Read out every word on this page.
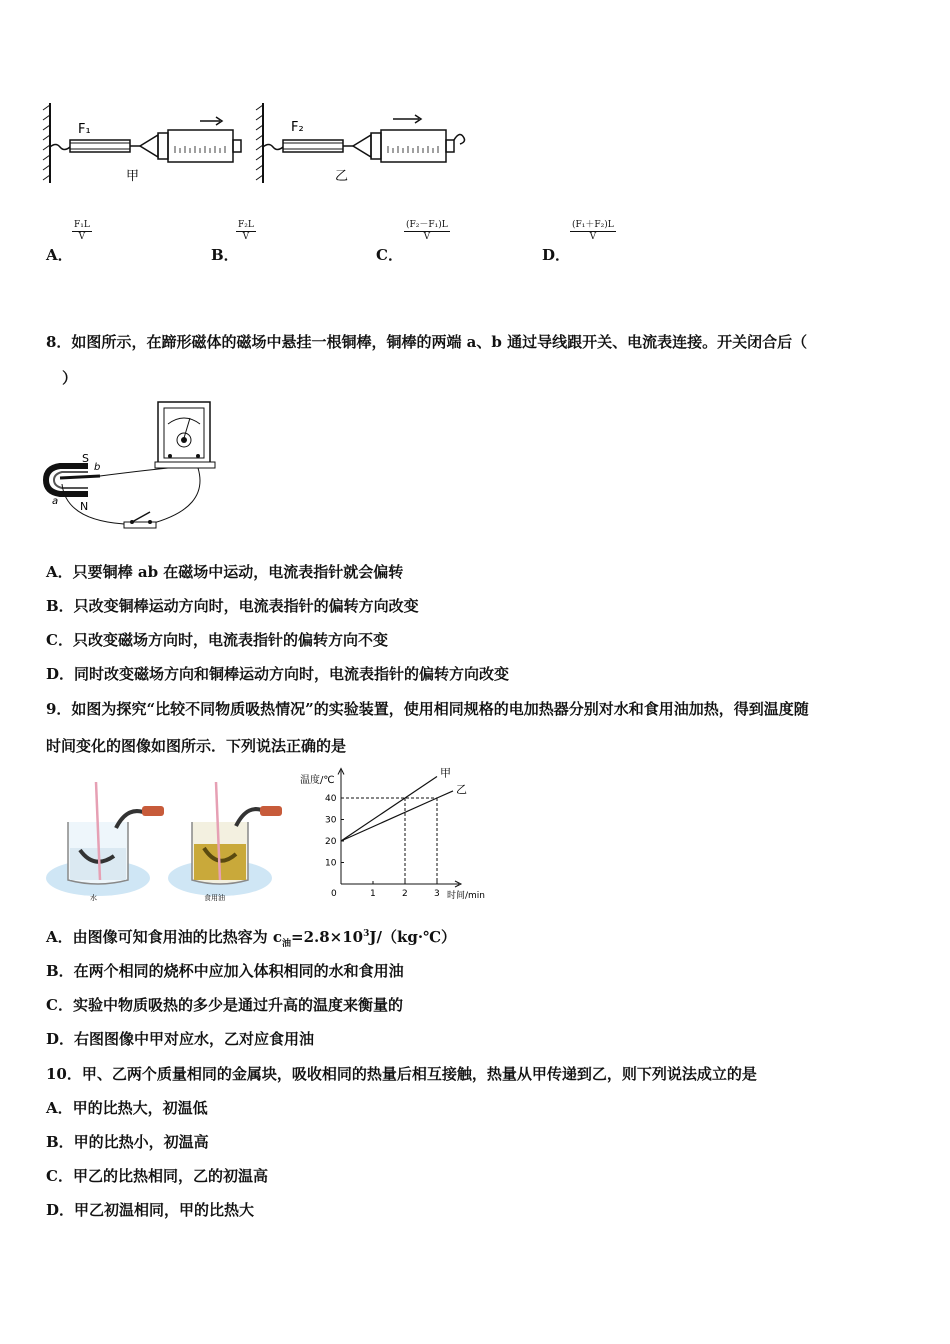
F₁
甲
F₂
乙
A．
$\frac{\text{F₁L}}{V}$
B．
$\frac{\text{F₂L}}{V}$
C．
$\frac{\text{(F₂－F₁)L}}{V}$
D．
$\frac{\text{(F₁＋F₂)L}}{V}$
8．如图所示，在蹄形磁体的磁场中悬挂一根铜棒，铜棒的两端 a、b 通过导线跟开关、电流表连接。开关闭合后（
）
S
N
b
a
A．只要铜棒 ab 在磁场中运动，电流表指针就会偏转
B．只改变铜棒运动方向时，电流表指针的偏转方向改变
C．只改变磁场方向时，电流表指针的偏转方向不变
D．同时改变磁场方向和铜棒运动方向时，电流表指针的偏转方向改变
9．如图为探究“比较不同物质吸热情况”的实验装置，使用相同规格的电加热器分别对水和食用油加热，得到温度随
时间变化的图像如图所示．下列说法正确的是
水	食用油	0	1	2	3
10
20
30
40
甲
乙
温度/℃
时间/min
A．由图像可知食用油的比热容为 $c_油=2.8\times 10^3J/(kg\cdot℃)$
B．在两个相同的烧杯中应加入体积相同的水和食用油
C．实验中物质吸热的多少是通过升高的温度来衡量的
D．右图图像中甲对应水，乙对应食用油
10．甲、乙两个质量相同的金属块，吸收相同的热量后相互接触，热量从甲传递到乙，则下列说法成立的是
A．甲的比热大，初温低
B．甲的比热小，初温高
C．甲乙的比热相同，乙的初温高
D．甲乙初温相同，甲的比热大
